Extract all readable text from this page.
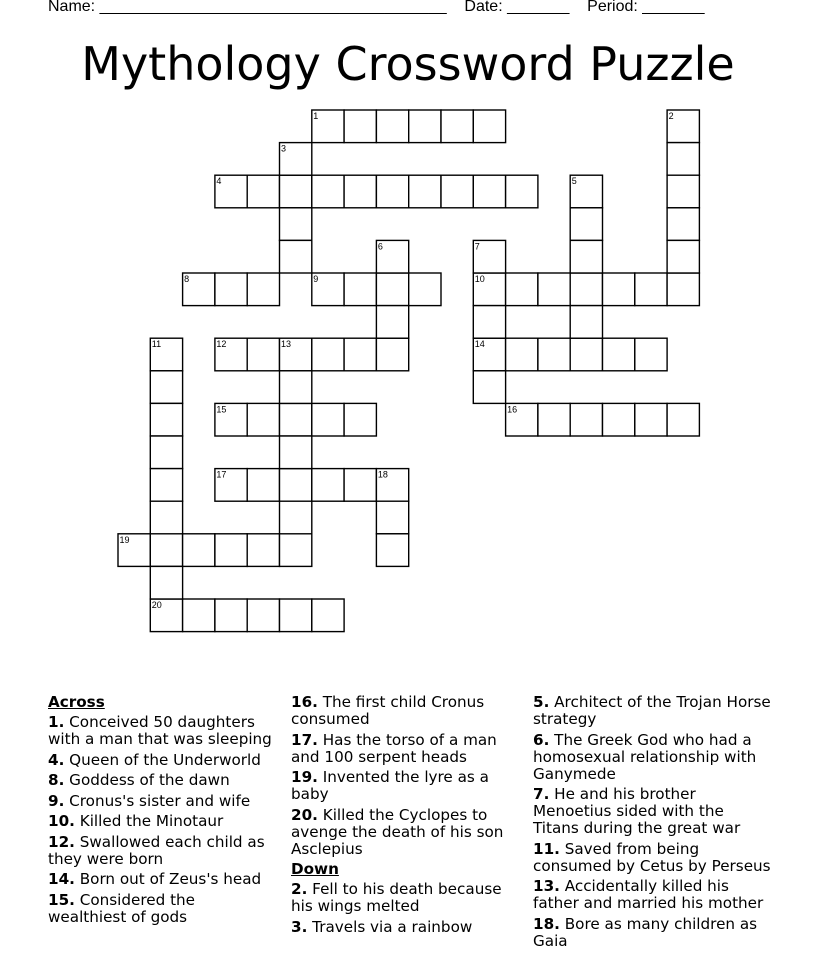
Name: _______________________________________    Date: _______    Period: _______
Mythology Crossword Puzzle
1
4
8	9	10
12	14
15	16
17
19
20
2
3
5
6	7
11	13
18
Across
1. Conceived 50 daughters with a man that was sleeping
4. Queen of the Underworld
8. Goddess of the dawn
9. Cronus's sister and wife
10. Killed the Minotaur
12. Swallowed each child as they were born
14. Born out of Zeus's head
15. Considered the wealthiest of gods
16. The first child Cronus consumed
17. Has the torso of a man and 100 serpent heads
19. Invented the lyre as a baby
20. Killed the Cyclopes to avenge the death of his son Asclepius
Down
2. Fell to his death because his wings melted
3. Travels via a rainbow
5. Architect of the Trojan Horse strategy
6. The Greek God who had a homosexual relationship with Ganymede
7. He and his brother Menoetius sided with the Titans during the great war
11. Saved from being consumed by Cetus by Perseus
13. Accidentally killed his father and married his mother
18. Bore as many children as Gaia
